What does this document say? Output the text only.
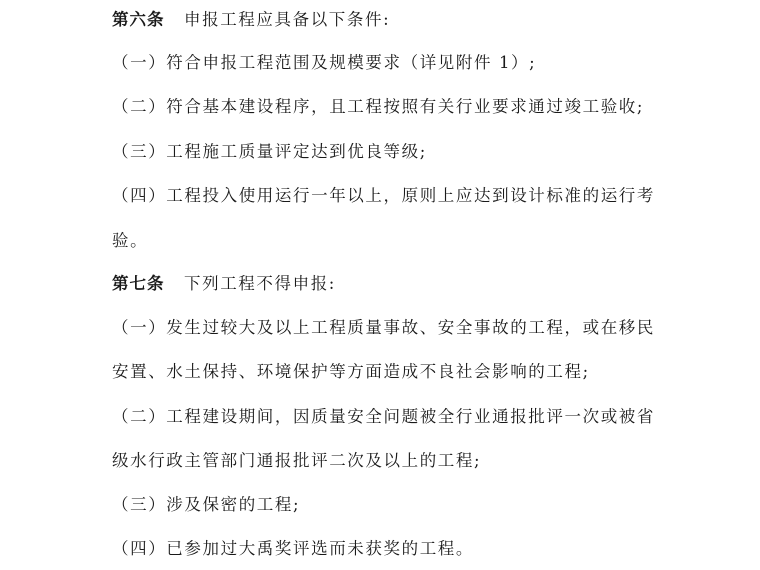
第六条 申报工程应具备以下条件:
（一）符合申报工程范围及规模要求（详见附件 1）;
（二）符合基本建设程序，且工程按照有关行业要求通过竣工验收;
（三）工程施工质量评定达到优良等级;
（四）工程投入使用运行一年以上，原则上应达到设计标准的运行考
验。
第七条 下列工程不得申报:
（一）发生过较大及以上工程质量事故、安全事故的工程，或在移民
安置、水土保持、环境保护等方面造成不良社会影响的工程;
（二）工程建设期间，因质量安全问题被全行业通报批评一次或被省
级水行政主管部门通报批评二次及以上的工程;
（三）涉及保密的工程;
（四）已参加过大禹奖评选而未获奖的工程。
